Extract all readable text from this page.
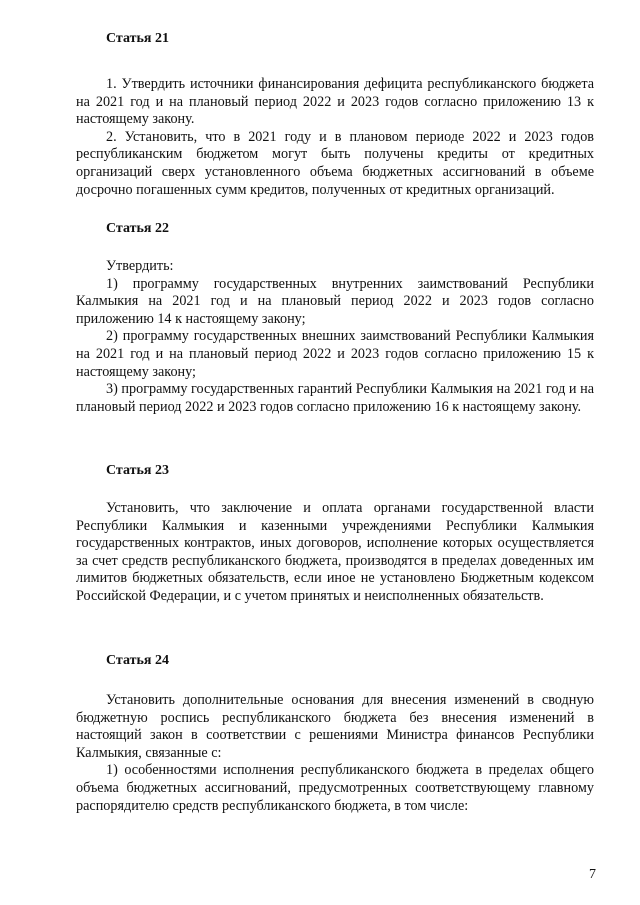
Статья 21

1. Утвердить источники финансирования дефицита республиканского бюджета на 2021 год и на плановый период 2022 и 2023 годов согласно приложению 13 к настоящему закону.

2. Установить, что в 2021 году и в плановом периоде 2022 и 2023 годов республиканским бюджетом могут быть получены кредиты от кредитных организаций сверх установленного объема бюджетных ассигнований в объеме досрочно погашенных сумм кредитов, полученных от кредитных организаций.

Статья 22

Утвердить:

1) программу государственных внутренних заимствований Республики Калмыкия на 2021 год и на плановый период 2022 и 2023 годов согласно приложению 14 к настоящему закону;

2) программу государственных внешних заимствований Республики Калмыкия на 2021 год и на плановый период 2022 и 2023 годов согласно приложению 15 к настоящему закону;

3) программу государственных гарантий Республики Калмыкия на 2021 год и на плановый период 2022 и 2023 годов согласно приложению 16 к настоящему закону.

Статья 23

Установить, что заключение и оплата органами государственной власти Республики Калмыкия и казенными учреждениями Республики Калмыкия государственных контрактов, иных договоров, исполнение которых осуществляется за счет средств республиканского бюджета, производятся в пределах доведенных им лимитов бюджетных обязательств, если иное не установлено Бюджетным кодексом Российской Федерации, и с учетом принятых и неисполненных обязательств.

Статья 24

Установить дополнительные основания для внесения изменений в сводную бюджетную роспись республиканского бюджета без внесения изменений в настоящий закон в соответствии с решениями Министра финансов Республики Калмыкия, связанные с:

1) особенностями исполнения республиканского бюджета в пределах общего объема бюджетных ассигнований, предусмотренных соответствующему главному распорядителю средств республиканского бюджета, в том числе:

7
